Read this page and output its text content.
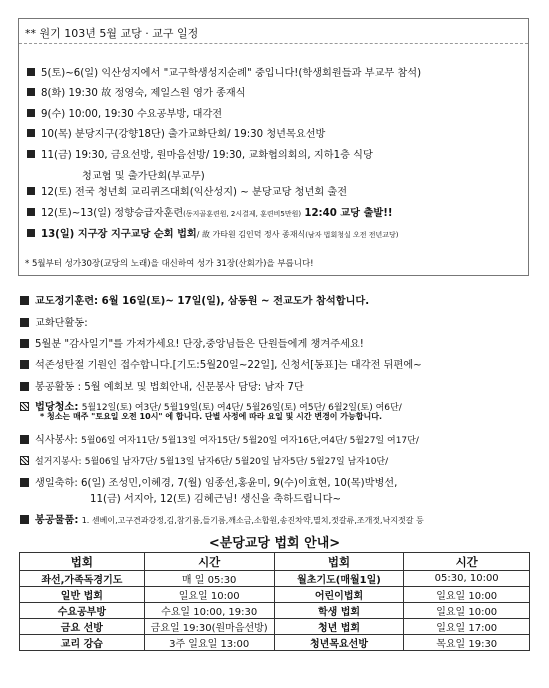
** 원기 103년 5월 교당 · 교구 일정
5(토)~6(일) 익산성지에서 "교구학생성지순례" 중입니다!(학생회원들과 부교무 참석)
8(화) 19:30 故 정영숙, 제일스원 영가 종재식
9(수) 10:00, 19:30 수요공부방, 대각전
10(목) 분당지구(강향18단) 출가교화단회/ 19:30 청년목요선방
11(금) 19:30, 금요선방, 원마음선방/ 19:30, 교화협의회의, 지하1층 식당
청교협 및 출가단회(부교무)
12(토) 전국 청년회 교리퀴즈대회(익산성지) ~ 분당교당 청년회 출전
12(토)~13(일) 정향승급자훈련(동지골훈련원, 2시결제, 훈련비5만원) 12:40 교당 출발!!
13(일) 지구장 지구교당 순회 법회/ 故 가타원 김인덕 정사 종재식(남자 법회청실 오전 전년교당)
* 5월부터 성가30장(교당의 노래)을 대신하여 성가 31장(산회가)을 부릅니다!
교도정기훈련: 6월 16일(토)~ 17일(일), 삼동원 ~ 전교도가 참석합니다.
교화단활동:
5월분 "감사일기"를 가져가세요! 단장,중앙님들은 단원들에게 챙겨주세요!
석존성탄절 기원인 접수합니다.[기도:5월20일~22일], 신청서[동표]는 대각전 뒤편에~
봉공활동 : 5월 예회보 및 법회안내, 신문봉사 담당: 남자 7단
법당청소: 5월12일(토) 여3단/ 5월19일(토) 여4단/ 5월26일(토) 여5단/ 6월2일(토) 여6단/
* 청소는 매주 "토요일 오전 10시" 에 합니다. 단별 사정에 따라 요일 및 시간 변경이 가능합니다.
식사봉사: 5월06일 여자11단/ 5월13일 여자15단/ 5월20일 여자16단,여4단/ 5월27일 여17단/
설거지봉사: 5월06일 남자7단/ 5월13일 남자6단/ 5월20일 남자5단/ 5월27일 남자10단/
생일축하: 6(일) 조성민,이혜경, 7(월) 임종선,홍윤미, 9(수)이효현, 10(목)박병선,
11(금) 서지아, 12(토) 김혜근님! 생신을 축하드립니다~
봉공물품: 1. 센베이,고구견과강정,김,참기름,들기름,깨소금,소합원,송진차약,멸치,젓갈류,조개젓,낙지젓갈 등
<분당교당 법회 안내>
법회	시간	법회	시간
좌선,가족독경기도	매 일 05:30	월초기도(매월1일)	05:30, 10:00
일반 법회	일요일 10:00	어린이법회	일요일 10:00
수요공부방	수요일 10:00, 19:30	학생 법회	일요일 10:00
금요 선방	금요일 19:30(원마음선방)	청년 법회	일요일 17:00
교리 강습	3주 일요일 13:00	청년목요선방	목요일 19:30
